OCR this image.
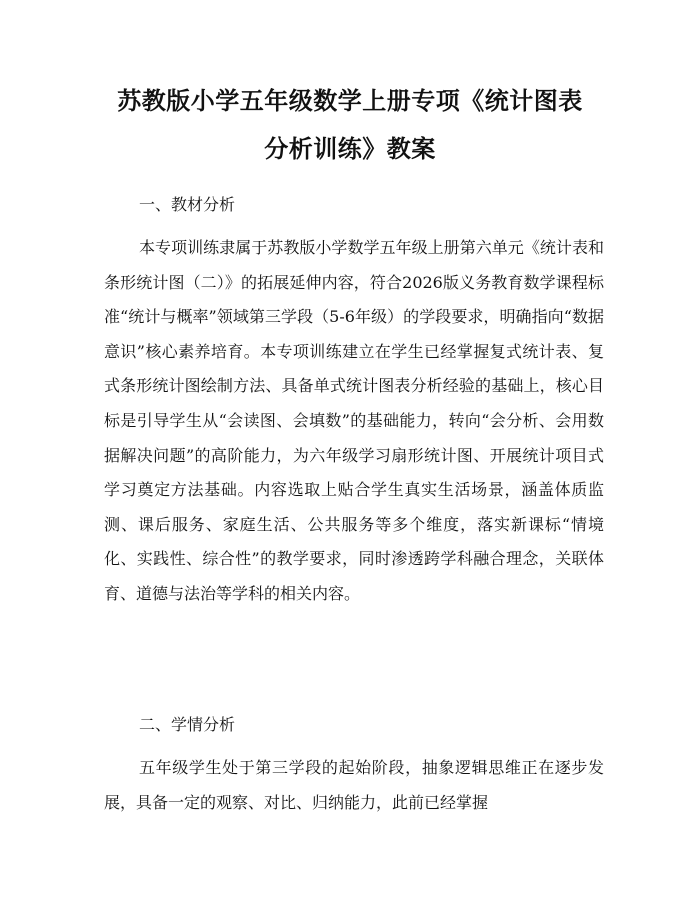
苏教版小学五年级数学上册专项《统计图表
分析训练》教案
一、教材分析

本专项训练隶属于苏教版小学数学五年级上册第六单元《统计表和条形统计图（二）》的拓展延伸内容，符合2026版义务教育数学课程标准“统计与概率”领域第三学段（5-6年级）的学段要求，明确指向“数据意识”核心素养培育。本专项训练建立在学生已经掌握复式统计表、复式条形统计图绘制方法、具备单式统计图表分析经验的基础上，核心目标是引导学生从“会读图、会填数”的基础能力，转向“会分析、会用数据解决问题”的高阶能力，为六年级学习扇形统计图、开展统计项目式学习奠定方法基础。内容选取上贴合学生真实生活场景，涵盖体质监测、课后服务、家庭生活、公共服务等多个维度，落实新课标“情境化、实践性、综合性”的教学要求，同时渗透跨学科融合理念，关联体育、道德与法治等学科的相关内容。

二、学情分析

五年级学生处于第三学段的起始阶段，抽象逻辑思维正在逐步发展，具备一定的观察、对比、归纳能力，此前已经掌握
